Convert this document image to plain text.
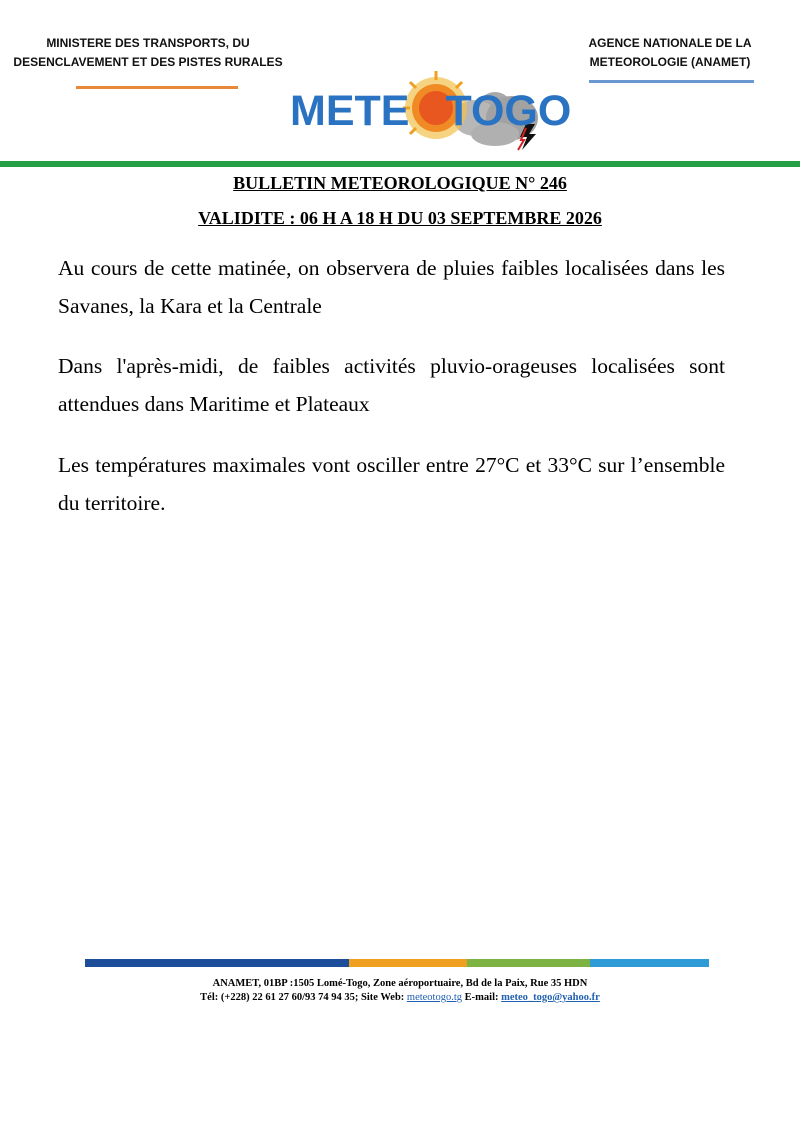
MINISTERE DES TRANSPORTS, DU
DESENCLAVEMENT ET DES PISTES RURALES
AGENCE NATIONALE DE LA
METEOROLOGIE (ANAMET)
METE TOGO
BULLETIN METEOROLOGIQUE N° 246
VALIDITE : 06 H A 18 H DU 03 SEPTEMBRE 2026
Au cours de cette matinée, on observera de pluies faibles localisées dans les Savanes, la Kara et la Centrale
Dans l'après-midi, de faibles activités pluvio-orageuses localisées sont attendues dans Maritime et Plateaux
Les températures maximales vont osciller entre 27°C et 33°C sur l’ensemble du territoire.
ANAMET, 01BP :1505 Lomé-Togo, Zone aéroportuaire, Bd de la Paix, Rue 35 HDN
Tél: (+228) 22 61 27 60/93 74 94 35; Site Web: meteotogo.tg E-mail: meteo_togo@yahoo.fr
